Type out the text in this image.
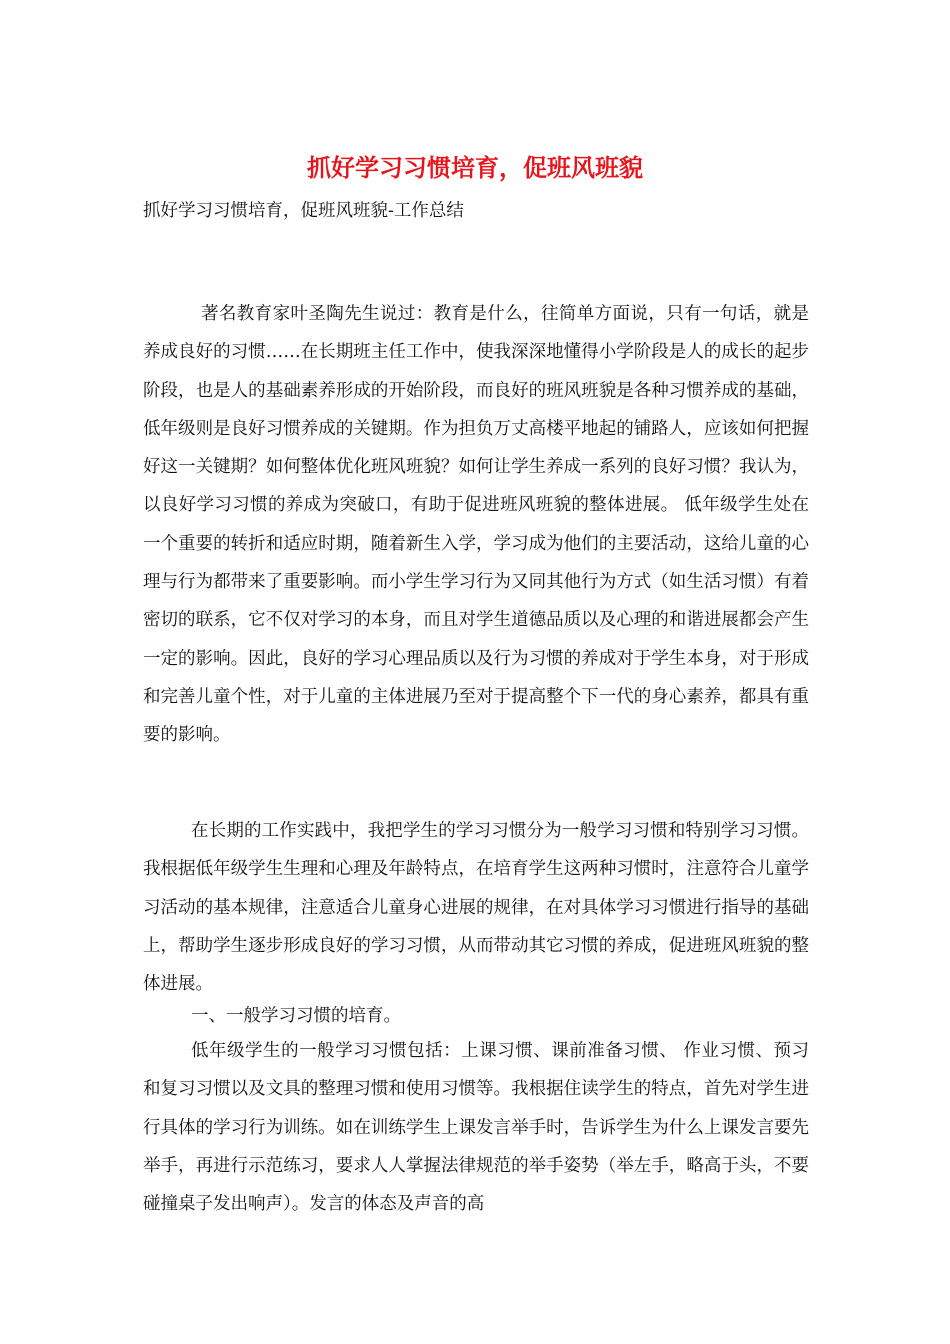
抓好学习习惯培育，促班风班貌
抓好学习习惯培育，促班风班貌-工作总结

著名教育家叶圣陶先生说过：教育是什么，往简单方面说，只有一句话，就是养成良好的习惯……在长期班主任工作中，使我深深地懂得小学阶段是人的成长的起步阶段，也是人的基础素养形成的开始阶段，而良好的班风班貌是各种习惯养成的基础，低年级则是良好习惯养成的关键期。作为担负万丈高楼平地起的铺路人，应该如何把握好这一关键期？如何整体优化班风班貌？如何让学生养成一系列的良好习惯？我认为，以良好学习习惯的养成为突破口，有助于促进班风班貌的整体进展。 低年级学生处在一个重要的转折和适应时期，随着新生入学，学习成为他们的主要活动，这给儿童的心理与行为都带来了重要影响。而小学生学习行为又同其他行为方式（如生活习惯）有着密切的联系，它不仅对学习的本身，而且对学生道德品质以及心理的和谐进展都会产生一定的影响。因此，良好的学习心理品质以及行为习惯的养成对于学生本身，对于形成和完善儿童个性，对于儿童的主体进展乃至对于提高整个下一代的身心素养，都具有重要的影响。

在长期的工作实践中，我把学生的学习习惯分为一般学习习惯和特别学习习惯。我根据低年级学生生理和心理及年龄特点，在培育学生这两种习惯时，注意符合儿童学习活动的基本规律，注意适合儿童身心进展的规律，在对具体学习习惯进行指导的基础上，帮助学生逐步形成良好的学习习惯，从而带动其它习惯的养成，促进班风班貌的整体进展。

一、一般学习习惯的培育。

低年级学生的一般学习习惯包括：上课习惯、课前准备习惯、 作业习惯、预习和复习习惯以及文具的整理习惯和使用习惯等。我根据住读学生的特点，首先对学生进行具体的学习行为训练。如在训练学生上课发言举手时，告诉学生为什么上课发言要先举手，再进行示范练习，要求人人掌握法律规范的举手姿势（举左手，略高于头，不要碰撞桌子发出响声）。发言的体态及声音的高
